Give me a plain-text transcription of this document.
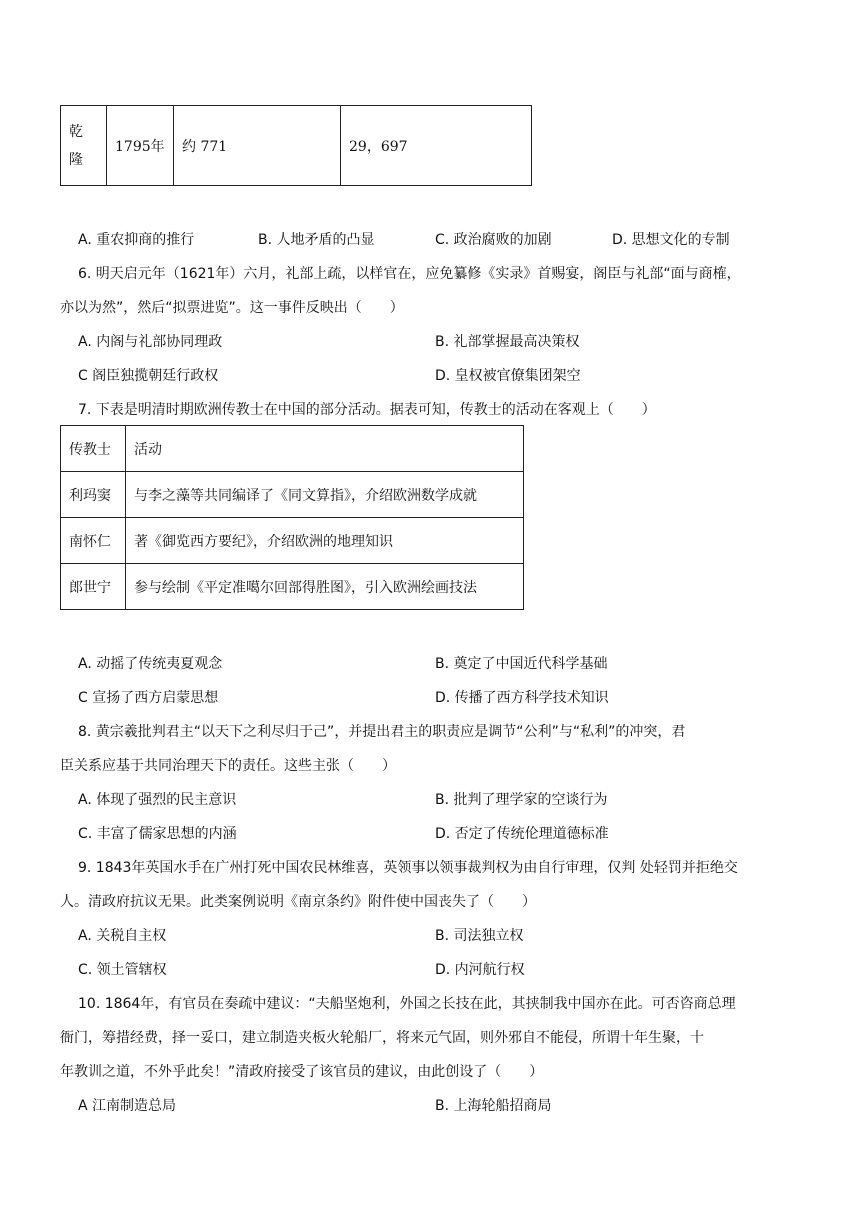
乾
隆	1795年	约 771	29，697
A. 重农抑商的推行	B. 人地矛盾的凸显	C. 政治腐败的加剧	D. 思想文化的专制
6. 明天启元年（1621年）六月，礼部上疏，以样官在，应免纂修《实录》首赐宴，阁臣与礼部“面与商榷，
亦以为然”，然后“拟票进览”。这一事件反映出（　　）
A. 内阁与礼部协同理政	B. 礼部掌握最高决策权
C 阁臣独揽朝廷行政权	D. 皇权被官僚集团架空
7. 下表是明清时期欧洲传教士在中国的部分活动。据表可知，传教士的活动在客观上（　　）
传教士	活动
利玛窦	与李之藻等共同编译了《同文算指》，介绍欧洲数学成就
南怀仁	著《御览西方要纪》，介绍欧洲的地理知识
郎世宁	参与绘制《平定准噶尔回部得胜图》，引入欧洲绘画技法
A. 动摇了传统夷夏观念	B. 奠定了中国近代科学基础
C 宣扬了西方启蒙思想	D. 传播了西方科学技术知识
8. 黄宗羲批判君主“以天下之利尽归于己”，并提出君主的职责应是调节“公利”与“私利”的冲突，君
臣关系应基于共同治理天下的责任。这些主张（　　）
A. 体现了强烈的民主意识	B. 批判了理学家的空谈行为
C. 丰富了儒家思想的内涵	D. 否定了传统伦理道德标准
9. 1843年英国水手在广州打死中国农民林维喜，英领事以领事裁判权为由自行审理，仅判 处轻罚并拒绝交
人。清政府抗议无果。此类案例说明《南京条约》附件使中国丧失了（　　）
A. 关税自主权	B. 司法独立权
C. 领土管辖权	D. 内河航行权
10. 1864年，有官员在奏疏中建议：“夫船坚炮利，外国之长技在此，其挟制我中国亦在此。可否咨商总理
衙门，筹措经费，择一妥口，建立制造夹板火轮船厂，将来元气固，则外邪自不能侵，所谓十年生聚，十
年教训之道，不外乎此矣！”清政府接受了该官员的建议，由此创设了（　　）
A 江南制造总局	B. 上海轮船招商局
